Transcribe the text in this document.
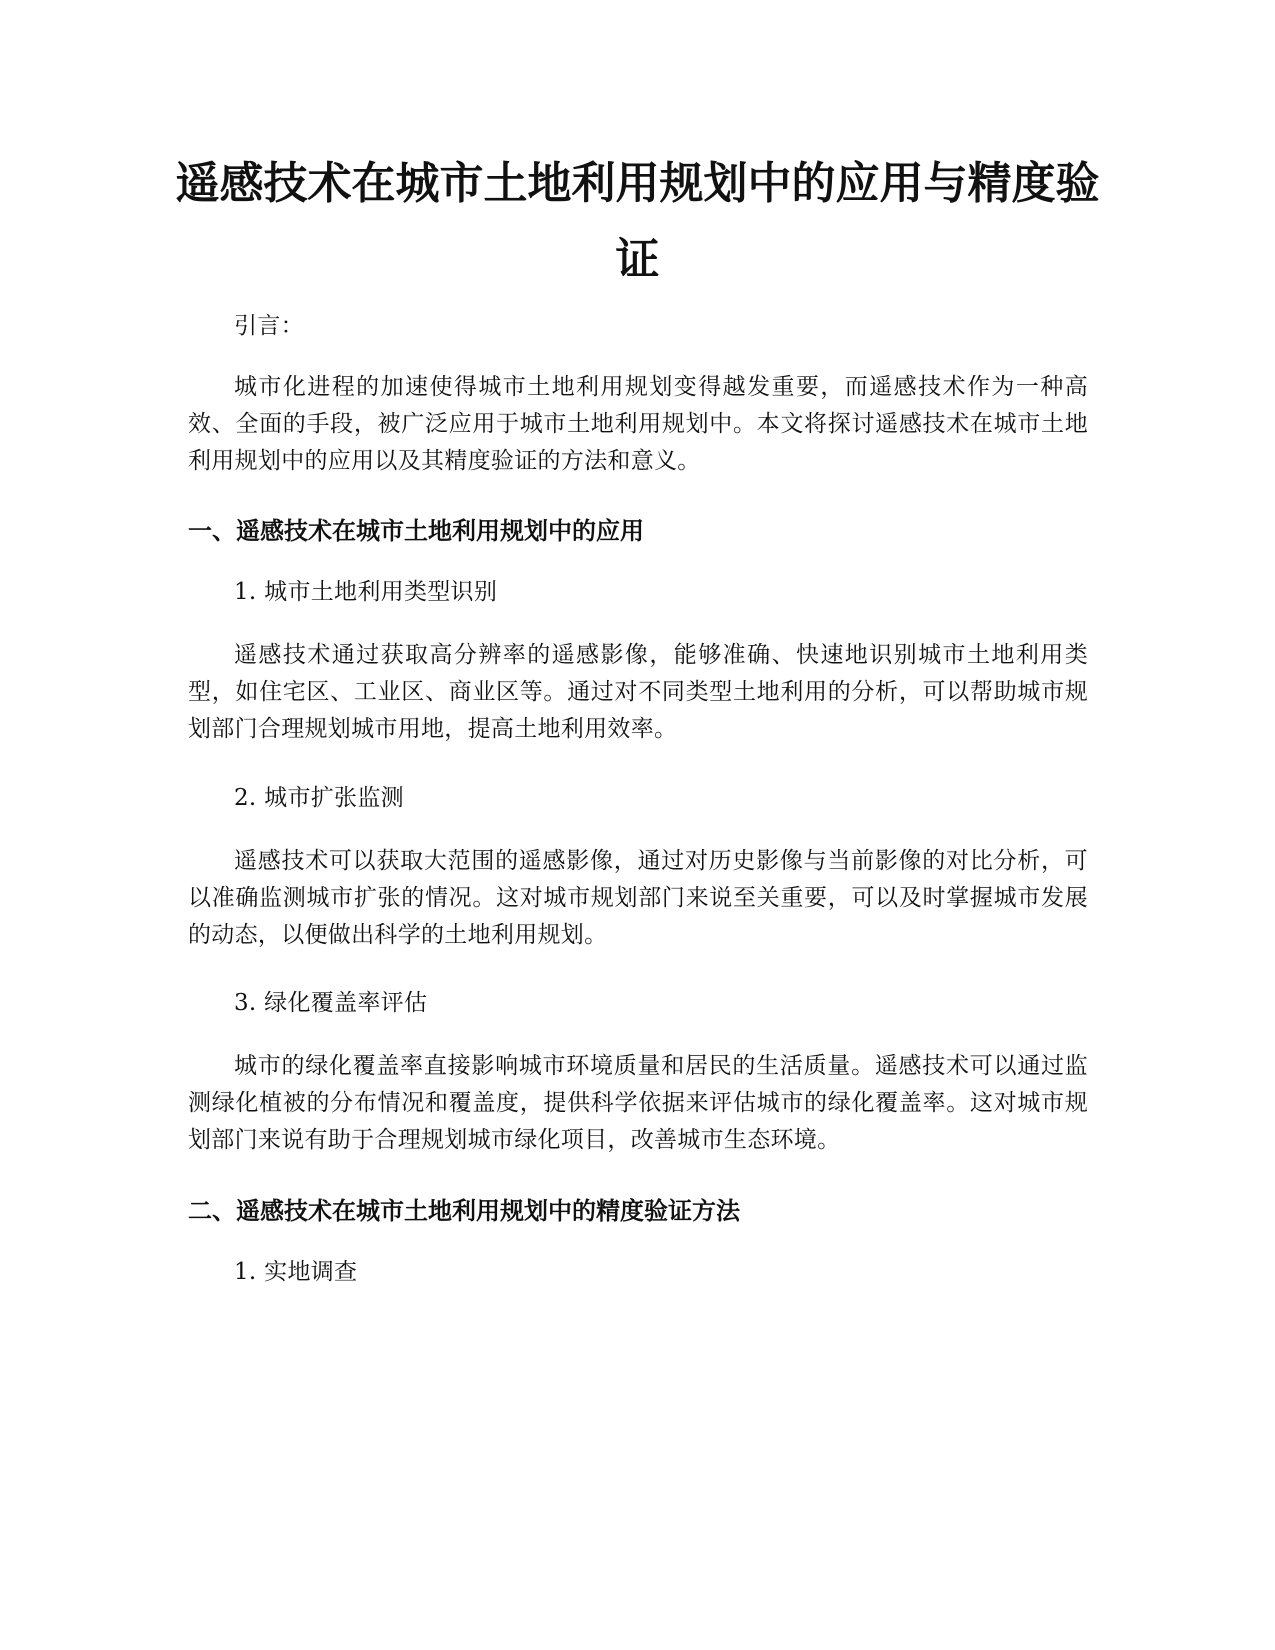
遥感技术在城市土地利用规划中的应用与精度验证

引言：

城市化进程的加速使得城市土地利用规划变得越发重要，而遥感技术作为一种高效、全面的手段，被广泛应用于城市土地利用规划中。本文将探讨遥感技术在城市土地利用规划中的应用以及其精度验证的方法和意义。

一、遥感技术在城市土地利用规划中的应用

1. 城市土地利用类型识别

遥感技术通过获取高分辨率的遥感影像，能够准确、快速地识别城市土地利用类型，如住宅区、工业区、商业区等。通过对不同类型土地利用的分析，可以帮助城市规划部门合理规划城市用地，提高土地利用效率。

2. 城市扩张监测

遥感技术可以获取大范围的遥感影像，通过对历史影像与当前影像的对比分析，可以准确监测城市扩张的情况。这对城市规划部门来说至关重要，可以及时掌握城市发展的动态，以便做出科学的土地利用规划。

3. 绿化覆盖率评估

城市的绿化覆盖率直接影响城市环境质量和居民的生活质量。遥感技术可以通过监测绿化植被的分布情况和覆盖度，提供科学依据来评估城市的绿化覆盖率。这对城市规划部门来说有助于合理规划城市绿化项目，改善城市生态环境。

二、遥感技术在城市土地利用规划中的精度验证方法

1. 实地调查
